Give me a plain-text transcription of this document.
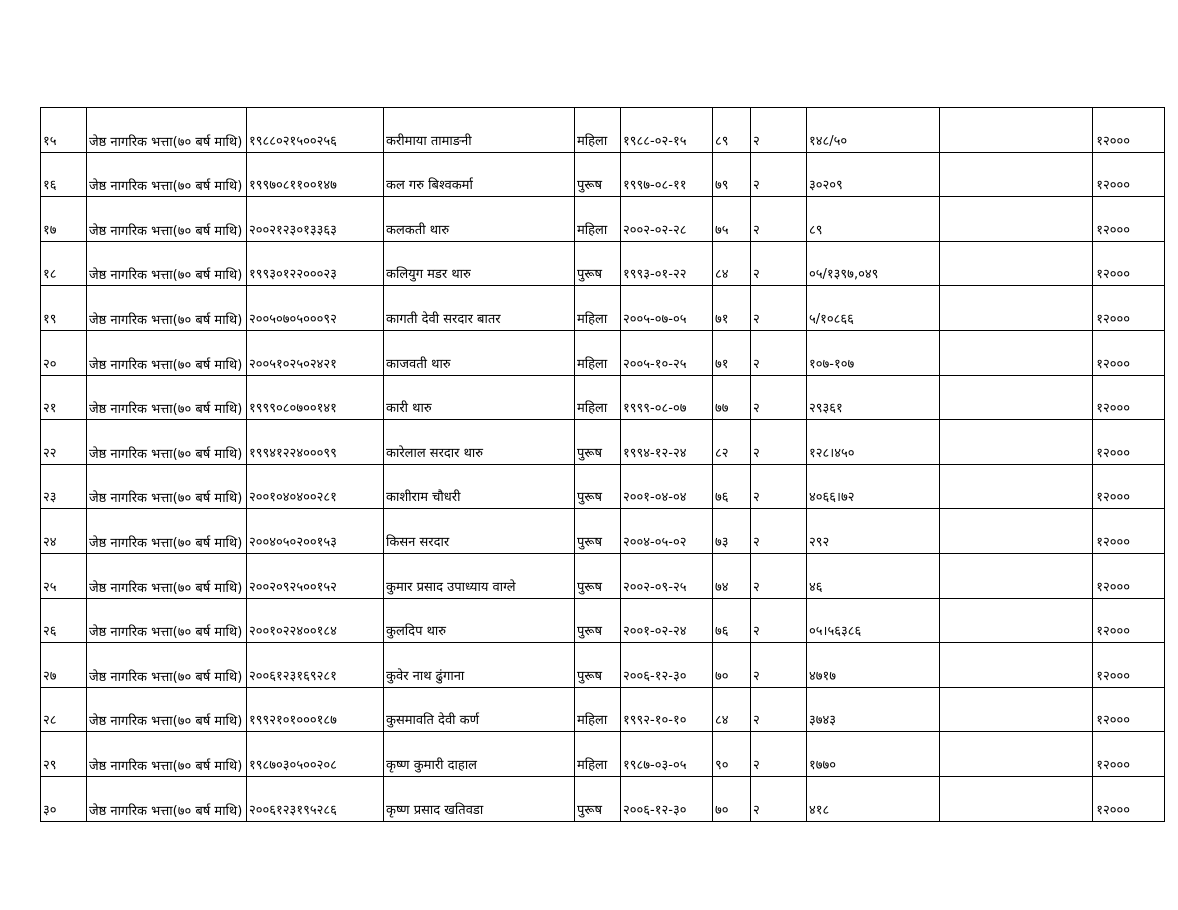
१५	जेष्ठ नागरिक भत्ता(७० बर्ष माथि)	१९८८०२१५००२५६	करीमाया तामाङनी	महिला	१९८८-०२-१५	८९	२	१४८/५०		१२०००
१६	जेष्ठ नागरिक भत्ता(७० बर्ष माथि)	१९९७०८११००१४७	कल गरु बिश्वकर्मा	पुरूष	१९९७-०८-११	७९	२	३०२०९		१२०००
१७	जेष्ठ नागरिक भत्ता(७० बर्ष माथि)	२००२१२३०१३३६३	कलकती थारु	महिला	२००२-०२-२८	७५	२	८९		१२०००
१८	जेष्ठ नागरिक भत्ता(७० बर्ष माथि)	१९९३०१२२०००२३	कलियुग मडर थारु	पुरूष	१९९३-०१-२२	८४	२	०५/१३९७,०४९		१२०००
१९	जेष्ठ नागरिक भत्ता(७० बर्ष माथि)	२००५०७०५०००९२	कागती देवी सरदार बातर	महिला	२००५-०७-०५	७१	२	५/१०८६६		१२०००
२०	जेष्ठ नागरिक भत्ता(७० बर्ष माथि)	२००५१०२५०२४२१	काजवती थारु	महिला	२००५-१०-२५	७१	२	१०७-१०७		१२०००
२१	जेष्ठ नागरिक भत्ता(७० बर्ष माथि)	१९९९०८०७००१४१	कारी थारु	महिला	१९९९-०८-०७	७७	२	२९३६१		१२०००
२२	जेष्ठ नागरिक भत्ता(७० बर्ष माथि)	१९९४१२२४०००९९	कारेलाल सरदार थारु	पुरूष	१९९४-१२-२४	८२	२	१२८।४५०		१२०००
२३	जेष्ठ नागरिक भत्ता(७० बर्ष माथि)	२००१०४०४००२८१	काशीराम चौधरी	पुरूष	२००१-०४-०४	७६	२	४०६६।७२		१२०००
२४	जेष्ठ नागरिक भत्ता(७० बर्ष माथि)	२००४०५०२००१५३	किसन सरदार	पुरूष	२००४-०५-०२	७३	२	२९२		१२०००
२५	जेष्ठ नागरिक भत्ता(७० बर्ष माथि)	२००२०९२५००१५२	कुमार प्रसाद उपाध्याय वाग्ले	पुरूष	२००२-०९-२५	७४	२	४६		१२०००
२६	जेष्ठ नागरिक भत्ता(७० बर्ष माथि)	२००१०२२४००१८४	कुलदिप थारु	पुरूष	२००१-०२-२४	७६	२	०५।५६३८६		१२०००
२७	जेष्ठ नागरिक भत्ता(७० बर्ष माथि)	२००६१२३१६९२८१	कुवेर नाथ ढुंगाना	पुरूष	२००६-१२-३०	७०	२	४७१७		१२०००
२८	जेष्ठ नागरिक भत्ता(७० बर्ष माथि)	१९९२१०१०००१८७	कुसमावति देवी कर्ण	महिला	१९९२-१०-१०	८४	२	३७४३		१२०००
२९	जेष्ठ नागरिक भत्ता(७० बर्ष माथि)	१९८७०३०५००२०८	कृष्ण कुमारी दाहाल	महिला	१९८७-०३-०५	९०	२	१७७०		१२०००
३०	जेष्ठ नागरिक भत्ता(७० बर्ष माथि)	२००६१२३१९५२८६	कृष्ण प्रसाद खतिवडा	पुरूष	२००६-१२-३०	७०	२	४१८		१२०००
